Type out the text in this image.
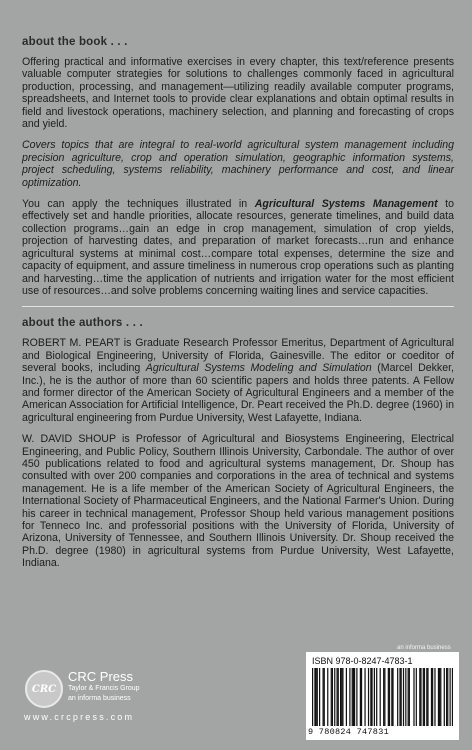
about the book . . .

Offering practical and informative exercises in every chapter, this text/reference presents valuable computer strategies for solutions to challenges commonly faced in agricultural production, processing, and management—utilizing readily available computer programs, spreadsheets, and Internet tools to provide clear explanations and obtain optimal results in field and livestock operations, machinery selection, and planning and forecasting of crops and yield.

Covers topics that are integral to real-world agricultural system management including precision agriculture, crop and operation simulation, geographic information systems, project scheduling, systems reliability, machinery performance and cost, and linear optimization.

You can apply the techniques illustrated in Agricultural Systems Management to effectively set and handle priorities, allocate resources, generate timelines, and build data collection programs…gain an edge in crop management, simulation of crop yields, projection of harvesting dates, and preparation of market forecasts…run and enhance agricultural systems at minimal cost…compare total expenses, determine the size and capacity of equipment, and assure timeliness in numerous crop operations such as planting and harvesting…time the application of nutrients and irrigation water for the most efficient use of resources…and solve problems concerning waiting lines and service capacities.

about the authors . . .

ROBERT M. PEART is Graduate Research Professor Emeritus, Department of Agricultural and Biological Engineering, University of Florida, Gainesville. The editor or coeditor of several books, including Agricultural Systems Modeling and Simulation (Marcel Dekker, Inc.), he is the author of more than 60 scientific papers and holds three patents. A Fellow and former director of the American Society of Agricultural Engineers and a member of the American Association for Artificial Intelligence, Dr. Peart received the Ph.D. degree (1960) in agricultural engineering from Purdue University, West Lafayette, Indiana.

W. DAVID SHOUP is Professor of Agricultural and Biosystems Engineering, Electrical Engineering, and Public Policy, Southern Illinois University, Carbondale. The author of over 450 publications related to food and agricultural systems management, Dr. Shoup has consulted with over 200 companies and corporations in the area of technical and systems management. He is a life member of the American Society of Agricultural Engineers, the International Society of Pharmaceutical Engineers, and the National Farmer's Union. During his career in technical management, Professor Shoup held various management positions for Tenneco Inc. and professorial positions with the University of Florida, University of Arizona, University of Tennessee, and Southern Illinois University. Dr. Shoup received the Ph.D. degree (1980) in agricultural systems from Purdue University, West Lafayette, Indiana.

an informa business
CRC
CRC Press
Taylor & Francis Group
an informa business
www.crcpress.com
ISBN 978-0-8247-4783-1
9 780824 747831
